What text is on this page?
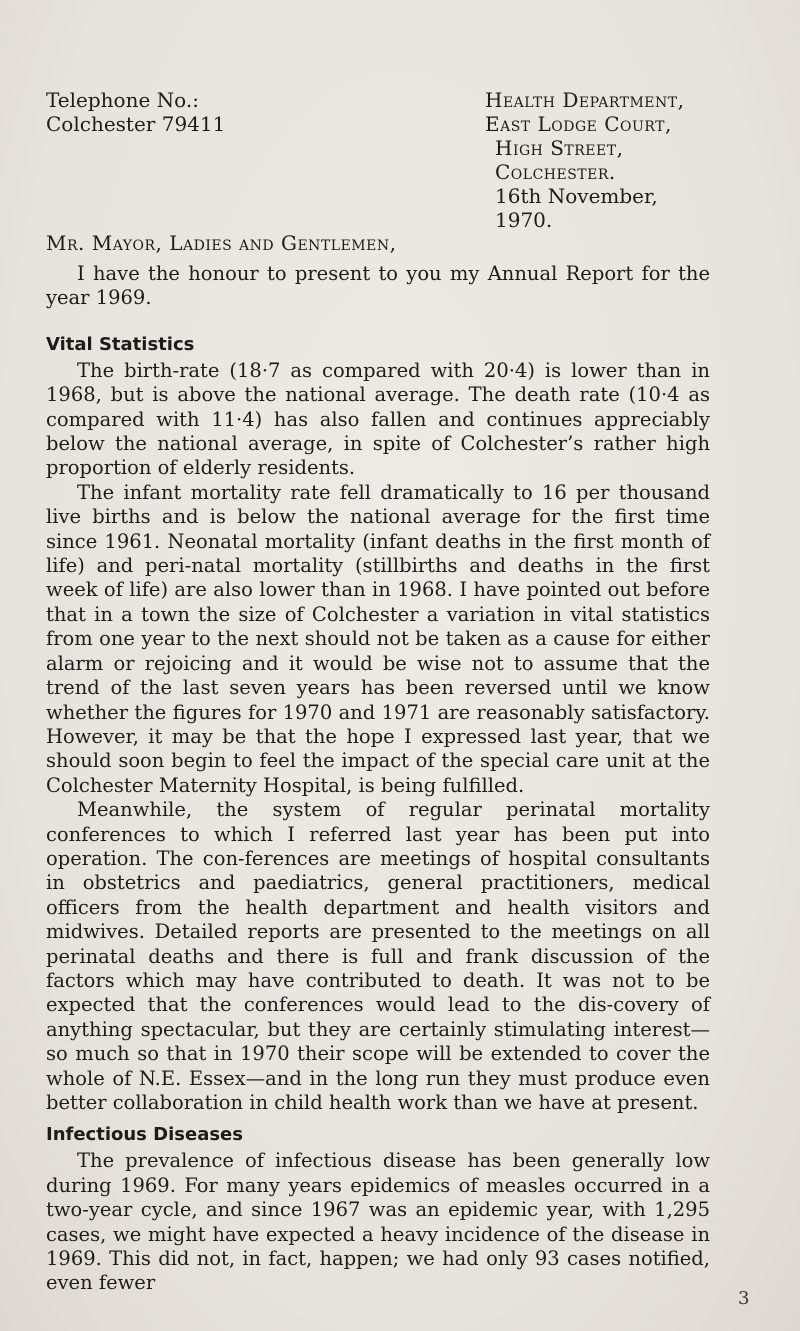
Telephone No.:
Colchester 79411
Health Department,
East Lodge Court,
High Street,
Colchester.
16th November, 1970.
Mr. Mayor, Ladies and Gentlemen,

I have the honour to present to you my Annual Report for the year 1969.

Vital Statistics

The birth-rate (18·7 as compared with 20·4) is lower than in 1968, but is above the national average. The death rate (10·4 as compared with 11·4) has also fallen and continues appreciably below the national average, in spite of Colchester’s rather high proportion of elderly residents.

The infant mortality rate fell dramatically to 16 per thousand live births and is below the national average for the first time since 1961. Neonatal mortality (infant deaths in the first month of life) and peri-natal mortality (stillbirths and deaths in the first week of life) are also lower than in 1968. I have pointed out before that in a town the size of Colchester a variation in vital statistics from one year to the next should not be taken as a cause for either alarm or rejoicing and it would be wise not to assume that the trend of the last seven years has been reversed until we know whether the figures for 1970 and 1971 are reasonably satisfactory. However, it may be that the hope I expressed last year, that we should soon begin to feel the impact of the special care unit at the Colchester Maternity Hospital, is being fulfilled.

Meanwhile, the system of regular perinatal mortality conferences to which I referred last year has been put into operation. The con-ferences are meetings of hospital consultants in obstetrics and paediatrics, general practitioners, medical officers from the health department and health visitors and midwives. Detailed reports are presented to the meetings on all perinatal deaths and there is full and frank discussion of the factors which may have contributed to death. It was not to be expected that the conferences would lead to the dis-covery of anything spectacular, but they are certainly stimulating interest—so much so that in 1970 their scope will be extended to cover the whole of N.E. Essex—and in the long run they must produce even better collaboration in child health work than we have at present.

Infectious Diseases

The prevalence of infectious disease has been generally low during 1969. For many years epidemics of measles occurred in a two-year cycle, and since 1967 was an epidemic year, with 1,295 cases, we might have expected a heavy incidence of the disease in 1969. This did not, in fact, happen; we had only 93 cases notified, even fewer

3
